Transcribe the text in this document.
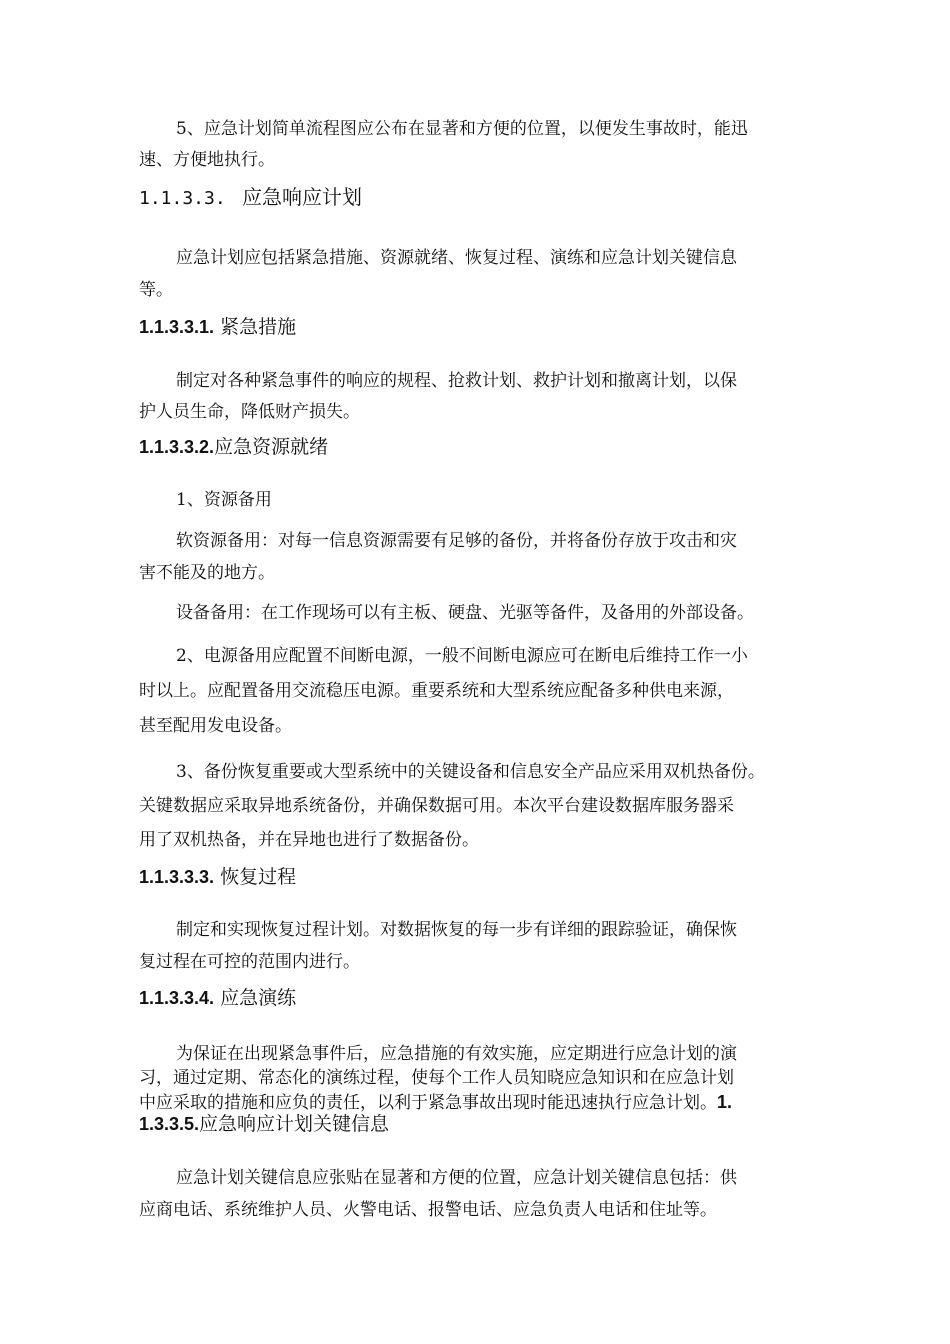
5、应急计划简单流程图应公布在显著和方便的位置，以便发生事故时，能迅
速、方便地执行。
1.1.3.3. 应急响应计划
应急计划应包括紧急措施、资源就绪、恢复过程、演练和应急计划关键信息
等。
1.1.3.3.1. 紧急措施
制定对各种紧急事件的响应的规程、抢救计划、救护计划和撤离计划，以保
护人员生命，降低财产损失。
1.1.3.3.2.应急资源就绪
1、资源备用
软资源备用：对每一信息资源需要有足够的备份，并将备份存放于攻击和灾
害不能及的地方。
设备备用：在工作现场可以有主板、硬盘、光驱等备件，及备用的外部设备。
2、电源备用应配置不间断电源，一般不间断电源应可在断电后维持工作一小
时以上。应配置备用交流稳压电源。重要系统和大型系统应配备多种供电来源，
甚至配用发电设备。
3、备份恢复重要或大型系统中的关键设备和信息安全产品应采用双机热备份。
关键数据应采取异地系统备份，并确保数据可用。本次平台建设数据库服务器采
用了双机热备，并在异地也进行了数据备份。
1.1.3.3.3. 恢复过程
制定和实现恢复过程计划。对数据恢复的每一步有详细的跟踪验证，确保恢
复过程在可控的范围内进行。
1.1.3.3.4. 应急演练
为保证在出现紧急事件后，应急措施的有效实施，应定期进行应急计划的演
习，通过定期、常态化的演练过程，使每个工作人员知晓应急知识和在应急计划
中应采取的措施和应负的责任，以利于紧急事故出现时能迅速执行应急计划。1.
1.3.3.5.应急响应计划关键信息
应急计划关键信息应张贴在显著和方便的位置，应急计划关键信息包括：供
应商电话、系统维护人员、火警电话、报警电话、应急负责人电话和住址等。
